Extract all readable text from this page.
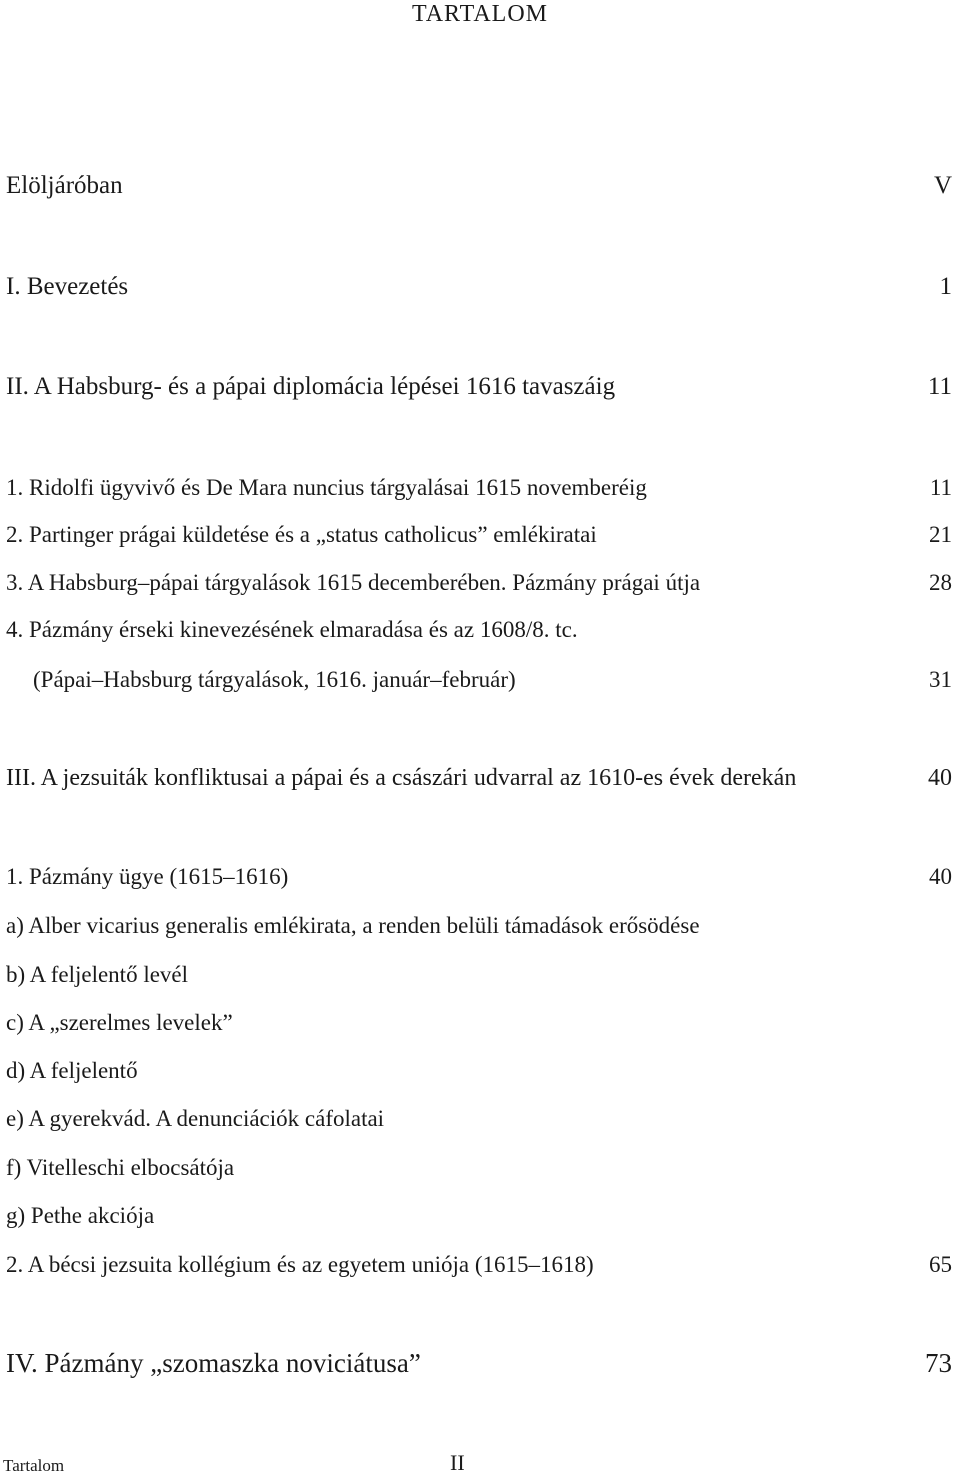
TARTALOM
Elöljáróban	V
I. Bevezetés	1
II. A Habsburg- és a pápai diplomácia lépései 1616 tavaszáig	11
1. Ridolfi ügyvivő és De Mara nuncius tárgyalásai 1615 novemberéig	11
2. Partinger prágai küldetése és a „status catholicus” emlékiratai	21
3. A Habsburg–pápai tárgyalások 1615 decemberében. Pázmány prágai útja	28
4. Pázmány érseki kinevezésének elmaradása és az 1608/8. tc.
(Pápai–Habsburg tárgyalások, 1616. január–február)	31
III. A jezsuiták konfliktusai a pápai és a császári udvarral az 1610-es évek derekán	40
1. Pázmány ügye (1615–1616)	40
a) Alber vicarius generalis emlékirata, a renden belüli támadások erősödése
b) A feljelentő levél
c) A „szerelmes levelek”
d) A feljelentő
e) A gyerekvád. A denunciációk cáfolatai
f) Vitelleschi elbocsátója
g) Pethe akciója
2. A bécsi jezsuita kollégium és az egyetem uniója (1615–1618)	65
IV. Pázmány „szomaszka noviciátusa”	73
Tartalom	II
